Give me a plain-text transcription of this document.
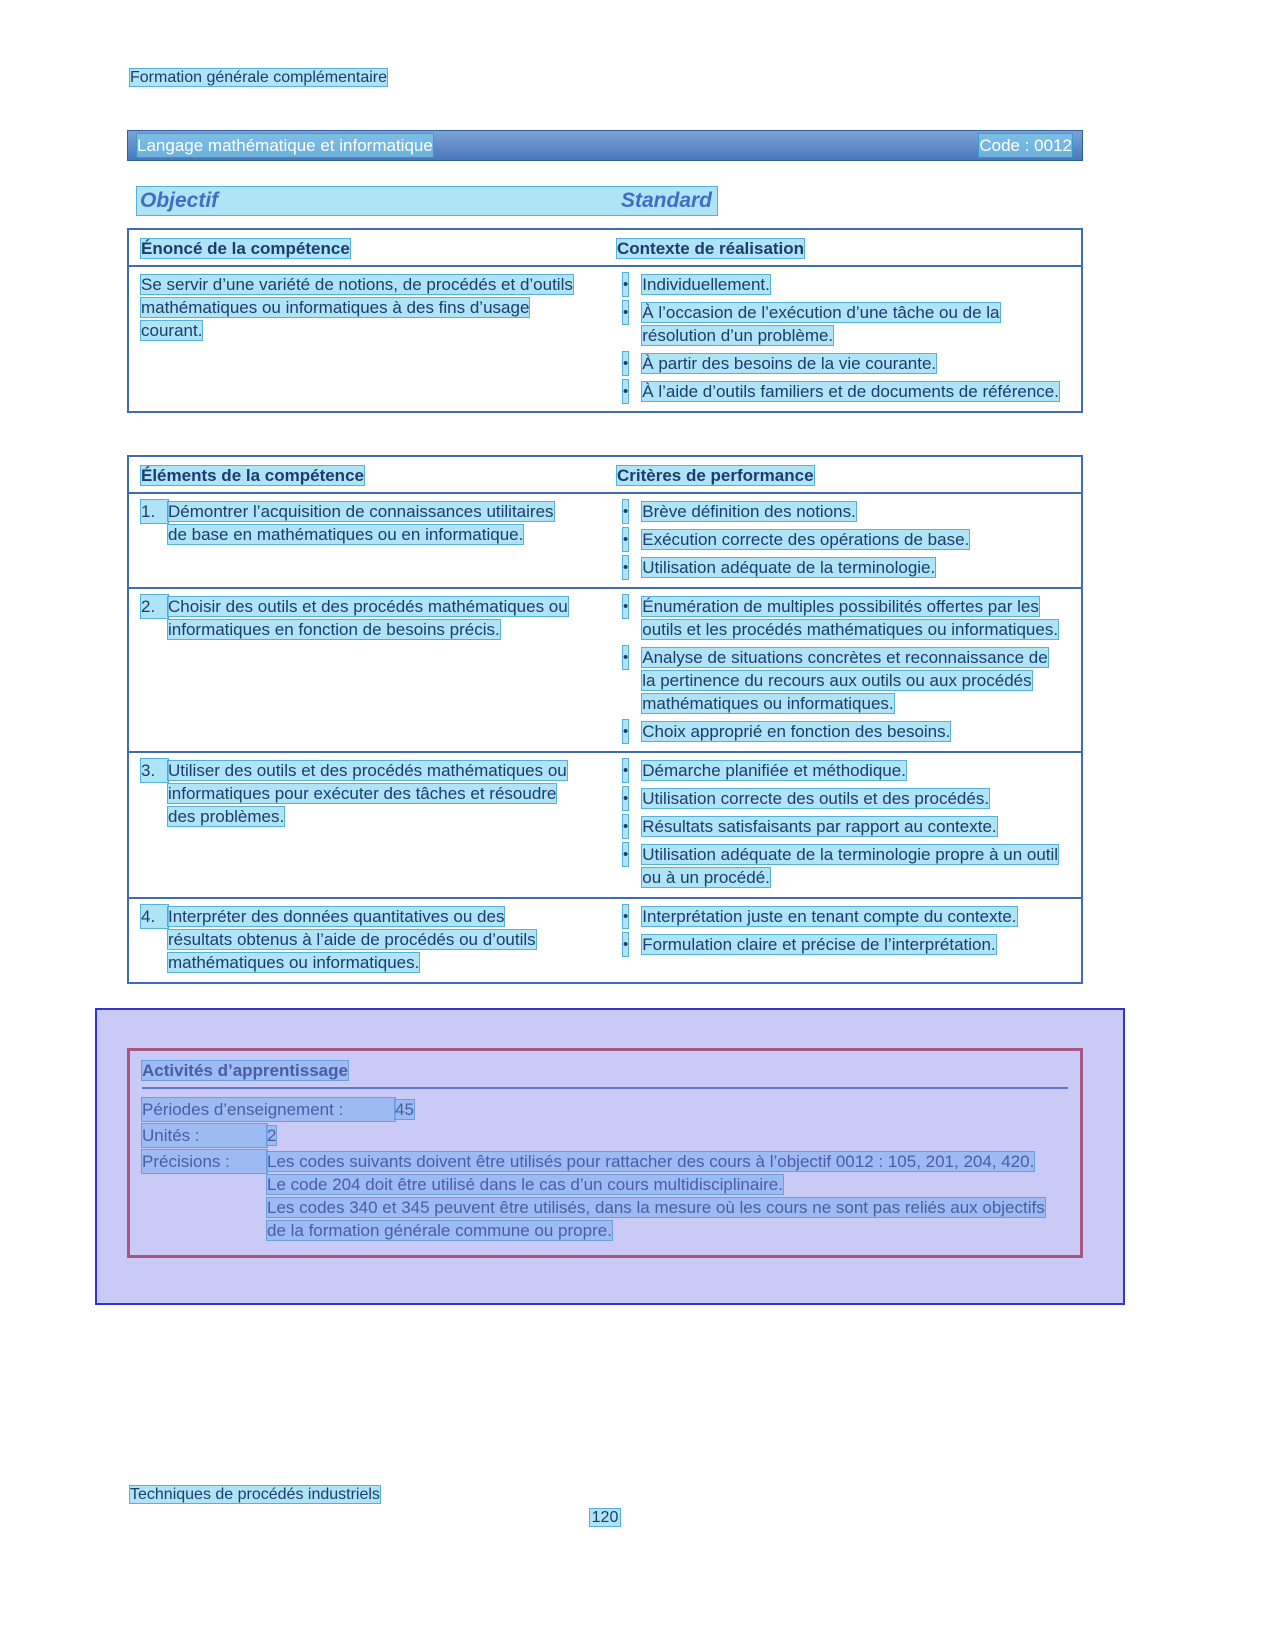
Formation générale complémentaire
Langage mathématique et informatique	Code : 0012
Objectif	Standard
Énoncé de la compétence	Contexte de réalisation
Se servir d’une variété de notions, de procédés et d’outils mathématiques ou informatiques à des fins d’usage courant.
• Individuellement.
• À l’occasion de l’exécution d’une tâche ou de la résolution d’un problème.
• À partir des besoins de la vie courante.
• À l’aide d’outils familiers et de documents de référence.
Éléments de la compétence	Critères de performance
1. Démontrer l’acquisition de connaissances utilitaires de base en mathématiques ou en informatique.
• Brève définition des notions.
• Exécution correcte des opérations de base.
• Utilisation adéquate de la terminologie.
2. Choisir des outils et des procédés mathématiques ou informatiques en fonction de besoins précis.
• Énumération de multiples possibilités offertes par les outils et les procédés mathématiques ou informatiques.
• Analyse de situations concrètes et reconnaissance de la pertinence du recours aux outils ou aux procédés mathématiques ou informatiques.
• Choix approprié en fonction des besoins.
3. Utiliser des outils et des procédés mathématiques ou informatiques pour exécuter des tâches et résoudre des problèmes.
• Démarche planifiée et méthodique.
• Utilisation correcte des outils et des procédés.
• Résultats satisfaisants par rapport au contexte.
• Utilisation adéquate de la terminologie propre à un outil ou à un procédé.
4. Interpréter des données quantitatives ou des résultats obtenus à l’aide de procédés ou d’outils mathématiques ou informatiques.
• Interprétation juste en tenant compte du contexte.
• Formulation claire et précise de l’interprétation.
Activités d’apprentissage
Périodes d’enseignement :	45
Unités :	2
Précisions :	Les codes suivants doivent être utilisés pour rattacher des cours à l’objectif 0012 : 105, 201, 204, 420.

Le code 204 doit être utilisé dans le cas d’un cours multidisciplinaire.

Les codes 340 et 345 peuvent être utilisés, dans la mesure où les cours ne sont pas reliés aux objectifs de la formation générale commune ou propre.

Techniques de procédés industriels
120
